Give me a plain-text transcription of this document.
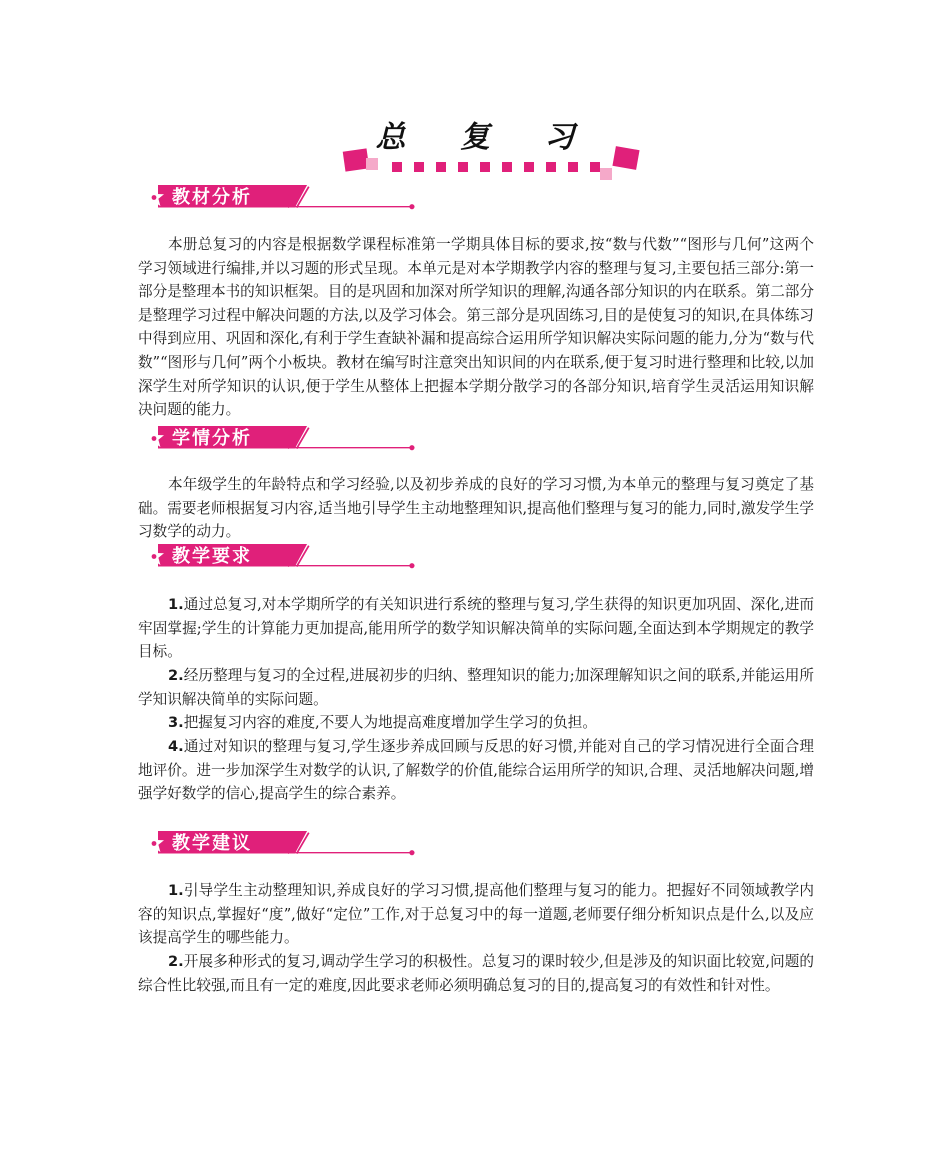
总 复 习
教材分析

本册总复习的内容是根据数学课程标准第一学期具体目标的要求,按“数与代数”“图形与几何”这两个学习领域进行编排,并以习题的形式呈现。本单元是对本学期教学内容的整理与复习,主要包括三部分:第一部分是整理本书的知识框架。目的是巩固和加深对所学知识的理解,沟通各部分知识的内在联系。第二部分是整理学习过程中解决问题的方法,以及学习体会。第三部分是巩固练习,目的是使复习的知识,在具体练习中得到应用、巩固和深化,有利于学生查缺补漏和提高综合运用所学知识解决实际问题的能力,分为“数与代数”“图形与几何”两个小板块。教材在编写时注意突出知识间的内在联系,便于复习时进行整理和比较,以加深学生对所学知识的认识,便于学生从整体上把握本学期分散学习的各部分知识,培育学生灵活运用知识解决问题的能力。

学情分析

本年级学生的年龄特点和学习经验,以及初步养成的良好的学习习惯,为本单元的整理与复习奠定了基础。需要老师根据复习内容,适当地引导学生主动地整理知识,提高他们整理与复习的能力,同时,激发学生学习数学的动力。

教学要求

1.通过总复习,对本学期所学的有关知识进行系统的整理与复习,学生获得的知识更加巩固、深化,进而牢固掌握;学生的计算能力更加提高,能用所学的数学知识解决简单的实际问题,全面达到本学期规定的教学目标。

2.经历整理与复习的全过程,进展初步的归纳、整理知识的能力;加深理解知识之间的联系,并能运用所学知识解决简单的实际问题。

3.把握复习内容的难度,不要人为地提高难度增加学生学习的负担。

4.通过对知识的整理与复习,学生逐步养成回顾与反思的好习惯,并能对自己的学习情况进行全面合理地评价。进一步加深学生对数学的认识,了解数学的价值,能综合运用所学的知识,合理、灵活地解决问题,增强学好数学的信心,提高学生的综合素养。

教学建议

1.引导学生主动整理知识,养成良好的学习习惯,提高他们整理与复习的能力。把握好不同领域教学内容的知识点,掌握好“度”,做好“定位”工作,对于总复习中的每一道题,老师要仔细分析知识点是什么,以及应该提高学生的哪些能力。

2.开展多种形式的复习,调动学生学习的积极性。总复习的课时较少,但是涉及的知识面比较宽,问题的综合性比较强,而且有一定的难度,因此要求老师必须明确总复习的目的,提高复习的有效性和针对性。
